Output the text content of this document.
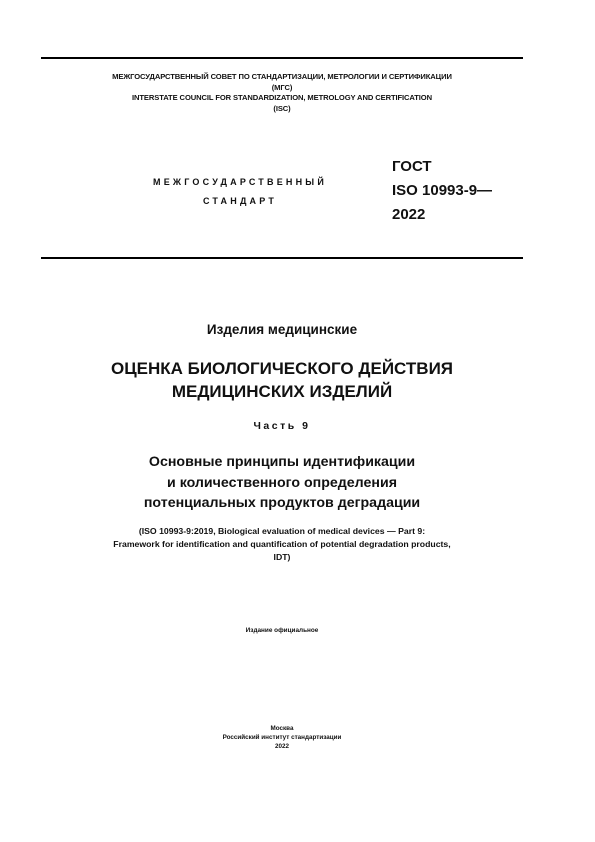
МЕЖГОСУДАРСТВЕННЫЙ СОВЕТ ПО СТАНДАРТИЗАЦИИ, МЕТРОЛОГИИ И СЕРТИФИКАЦИИ
(МГС)
INTERSTATE COUNCIL FOR STANDARDIZATION, METROLOGY AND CERTIFICATION
(ISC)
МЕЖГОСУДАРСТВЕННЫЙ
СТАНДАРТ
ГОСТ
ISO 10993-9—
2022
Изделия медицинские
ОЦЕНКА БИОЛОГИЧЕСКОГО ДЕЙСТВИЯ
МЕДИЦИНСКИХ ИЗДЕЛИЙ
Часть 9
Основные принципы идентификации
и количественного определения
потенциальных продуктов деградации
(ISO 10993-9:2019, Biological evaluation of medical devices — Part 9:
Framework for identification and quantification of potential degradation products,
IDT)
Издание официальное
Москва
Российский институт стандартизации
2022
